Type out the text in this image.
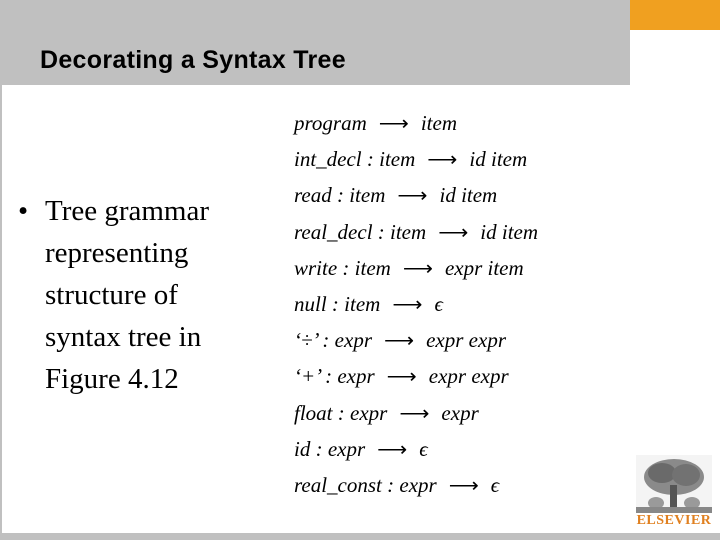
Decorating a Syntax Tree
• Tree grammar
representing
structure of
syntax tree in
Figure 4.12
program ⟶ item
int_decl : item ⟶ id item
read : item ⟶ id item
real_decl : item ⟶ id item
write : item ⟶ expr item
null : item ⟶ ϵ
‘÷’ : expr ⟶ expr expr
‘+’ : expr ⟶ expr expr
float : expr ⟶ expr
id : expr ⟶ ϵ
real_const : expr ⟶ ϵ
ELSEVIER
